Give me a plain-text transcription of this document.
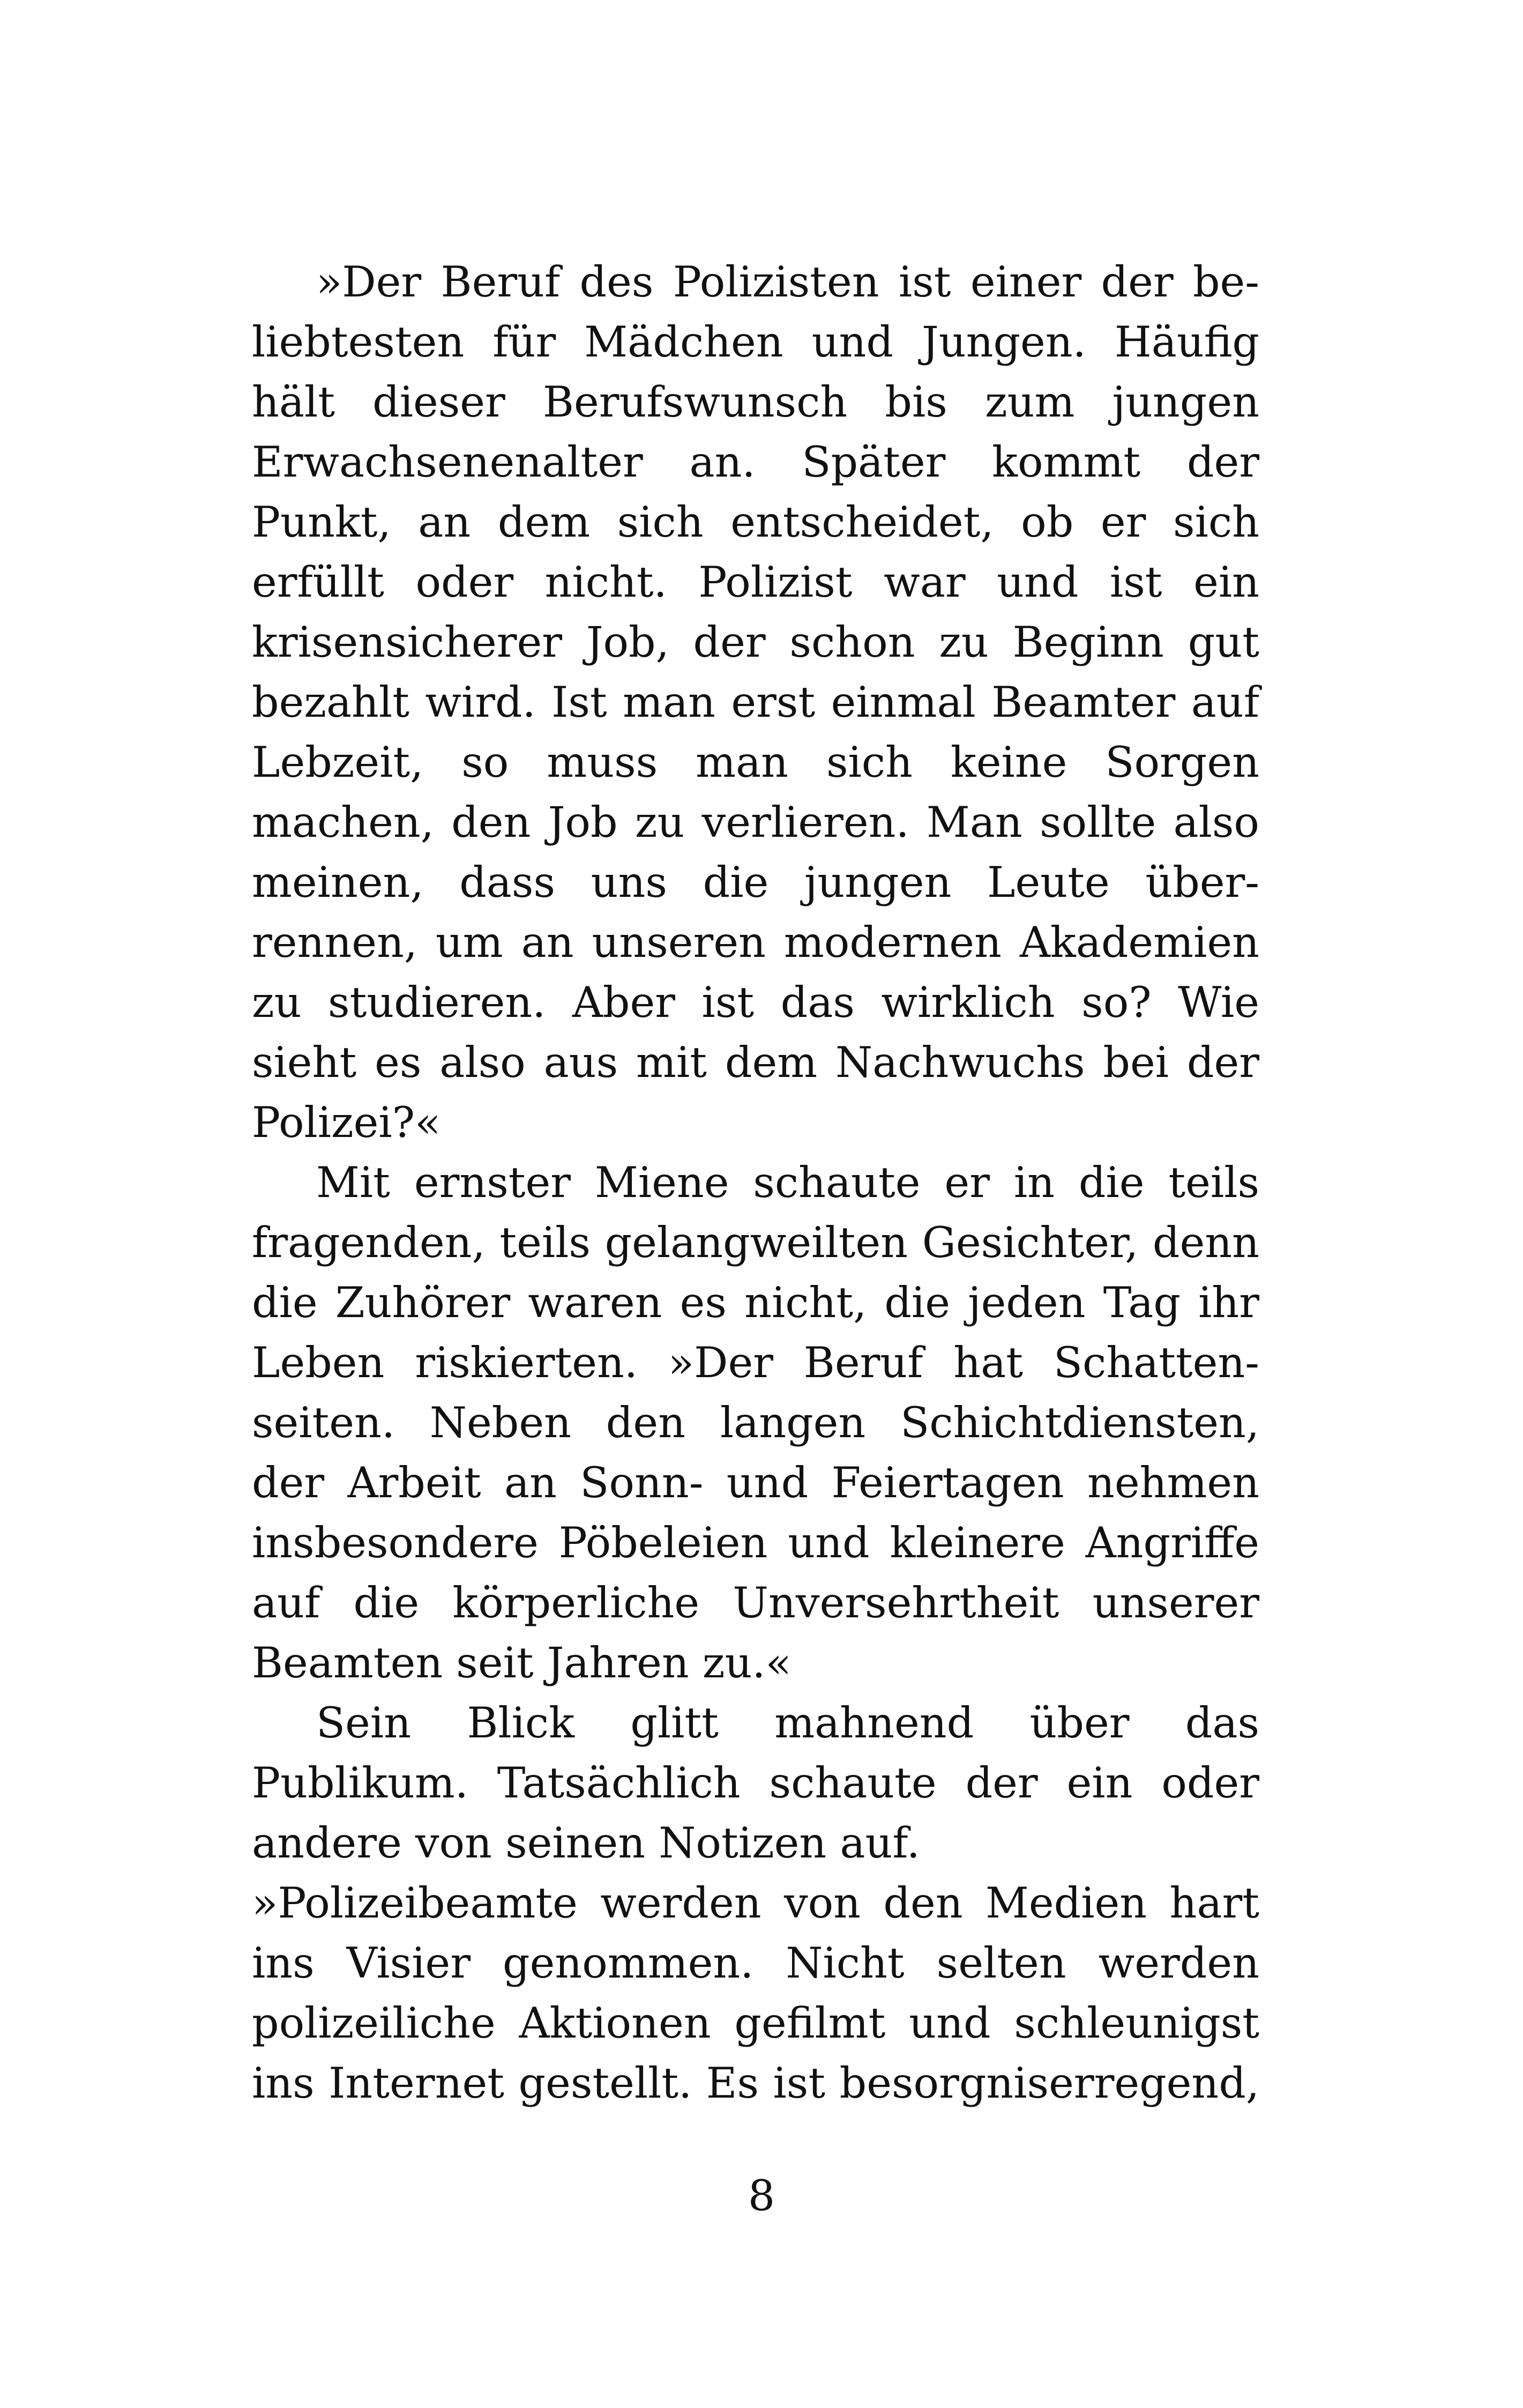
»Der Beruf des Polizisten ist einer der be-
liebtesten für Mädchen und Jungen. Häufig
hält dieser Berufswunsch bis zum jungen
Erwachsenenalter an. Später kommt der
Punkt, an dem sich entscheidet, ob er sich
erfüllt oder nicht. Polizist war und ist ein
krisensicherer Job, der schon zu Beginn gut
bezahlt wird. Ist man erst einmal Beamter auf
Lebzeit, so muss man sich keine Sorgen
machen, den Job zu verlieren. Man sollte also
meinen, dass uns die jungen Leute über-
rennen, um an unseren modernen Akademien
zu studieren. Aber ist das wirklich so? Wie
sieht es also aus mit dem Nachwuchs bei der
Polizei?«
Mit ernster Miene schaute er in die teils
fragenden, teils gelangweilten Gesichter, denn
die Zuhörer waren es nicht, die jeden Tag ihr
Leben riskierten. »Der Beruf hat Schatten-
seiten. Neben den langen Schichtdiensten,
der Arbeit an Sonn- und Feiertagen nehmen
insbesondere Pöbeleien und kleinere Angriffe
auf die körperliche Unversehrtheit unserer
Beamten seit Jahren zu.«
Sein Blick glitt mahnend über das
Publikum. Tatsächlich schaute der ein oder
andere von seinen Notizen auf.
»Polizeibeamte werden von den Medien hart
ins Visier genommen. Nicht selten werden
polizeiliche Aktionen gefilmt und schleunigst
ins Internet gestellt. Es ist besorgniserregend,
8
